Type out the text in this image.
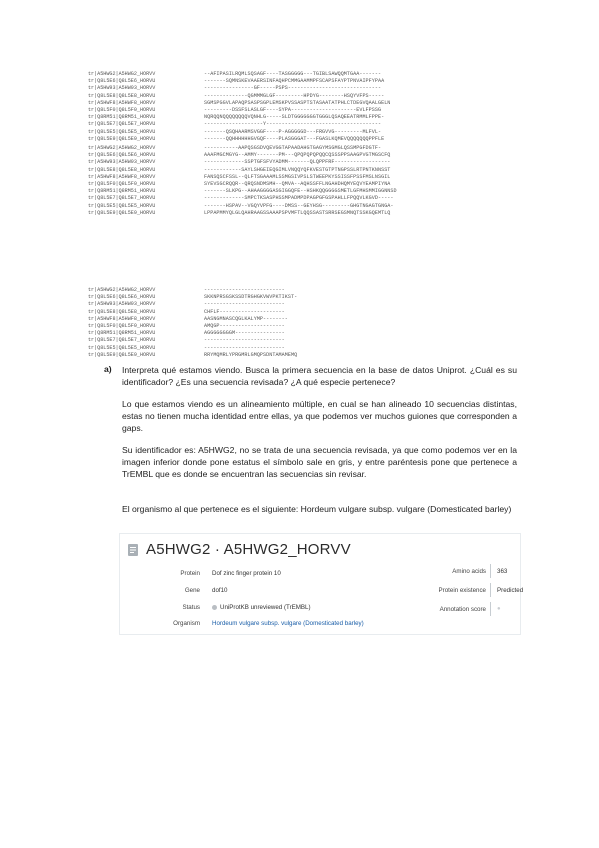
tr|A5HWG2|A5HWG2_HORVV	--AFIPASILRQMLSQSAGF----TASGGGGG---TGIBLSAWQQMTGAA-------
tr|Q8L5E6|Q8L5E6_HORVU	-------SQMNSKEVAAERSINFAQHPCMMGAAMMPFSCAPSFAYPTPNVAIPFYPAA
tr|A5HW93|A5HW93_HORVV	----------------GF-----PSPS------------------------------
tr|Q8L5E8|Q8L5E8_HORVU	--------------QGMMMGLGF---------HPDYG--------HSQYVFPS-----
tr|A5HWF8|A5HWF8_HORVV	SGMSPGGVLAPAQPSASPSGPLEMSKPVSSASPTSTASAATATPHLCTDEGVQAALGELN
tr|Q8L5F0|Q8L5F0_HORVU	---------DSSFSLASLGF----SYPA---------------------EVLFPSSG
tr|Q8RM51|Q8RM51_HORVU	NQRQQNQQQQQQQQVQNHLG-----SLDTGGGGGGGTGGGLQSAQEEATRMMLFPPE-
tr|Q8L5E7|Q8L5E7_HORVU	-------------------Y-------------------------------------
tr|Q8L5E5|Q8L5E5_HORVU	-------QSQHAARMSVGGF----P-AGGGGGD---FRGVVG---------MLFVL-
tr|Q8L5E9|Q8L5E9_HORVU	-------QQHHHHHHGVGQF----PLASGGGAT---FGASLKQMEVQQQQQQQPPFLE
tr|A5HWG2|A5HWG2_HORVV	-----------AAPQSGSDVQEVGGTAPAADAHGTGAGYMSGMGLQSSMPGFDGTF-
tr|Q8L5E6|Q8L5E6_HORVU	AAAFMGCMGYG--AMMY-------PM---QPQPQPQPQQCQSSSPPSAAGPVGTMGSCFQ
tr|A5HW93|A5HW93_HORVV	-------------SSPTGFSFVYADMM-------QLQPPFRF------------------
tr|Q8L5E8|Q8L5E8_HORVU	------------SAYLSHGEIEQGIMLVNQQYQFKVESTGTPTNGPSSLRTPNTKNNSST
tr|A5HWF8|A5HWF8_HORVV	FANSQSCFSSL--QLFTSGAAAMLSSMGSIVPSLSTWEEPKYSSISSFPSSFMSLNSGIL
tr|Q8L5F0|Q8L5F0_HORVU	SYEVSGCRQQR--QRQSNDMSMH--QMVA--AQHSSFFLNGAHDHQMYEQVYEAMPIYNA
tr|Q8RM51|Q8RM51_HORVU	-------SLKPG--AHAAGGGGASGIGGQFE--HSHKQQGGGGSMETLGFMHSMMIGGNNSD
tr|Q8L5E7|Q8L5E7_HORVU	-------------SMPCTKSASPHSSMPADMPDPAGPGFGSPAHLLFPQQVLKGVD-----
tr|Q8L5E5|Q8L5E5_HORVU	-------HSPAV--VGQYVPFG----DMSS--GEYHSG---------GHGTNGAGTGNGA-
tr|Q8L5E9|Q8L5E9_HORVU	LPPAPMMYQLGLQAHRAAGSSAAAPSPVMFTLQQSSASTSRRSEGSMNQTSSKGQEMTLQ
tr|A5HWG2|A5HWG2_HORVV	--------------------------
tr|Q8L5E6|Q8L5E6_HORVU	SKKNPRSGSKSSDTRGHGKVWVPKTIKST-
tr|A5HW93|A5HW93_HORVV	--------------------------
tr|Q8L5E8|Q8L5E8_HORVU	CHFLF---------------------
tr|A5HWF8|A5HWF8_HORVV	AASNGMNASCQGLKALYMP--------
tr|Q8L5F0|Q8L5F0_HORVU	AMQGP---------------------
tr|Q8RM51|Q8RM51_HORVU	AGGGGGGGGM----------------
tr|Q8L5E7|Q8L5E7_HORVU	--------------------------
tr|Q8L5E5|Q8L5E5_HORVU	--------------------------
tr|Q8L5E9|Q8L5E9_HORVU	RRYMQMRLYPRGMRLGMQPSDNTAMAMEMQ
a) Interpreta qué estamos viendo. Busca la primera secuencia en la base de datos Uniprot. ¿Cuál es su identificador? ¿Es una secuencia revisada? ¿A qué especie pertenece?

Lo que estamos viendo es un alineamiento múltiple, en cual se han alineado 10 secuencias distintas, estas no tienen mucha identidad entre ellas, ya que podemos ver muchos guiones que corresponden a gaps.

Su identificador es: A5HWG2, no se trata de una secuencia revisada, ya que como podemos ver en la imagen inferior donde pone estatus el símbolo sale en gris, y entre paréntesis pone que pertenece a TrEMBL que es donde se encuentran las secuencias sin revisar.

El organismo al que pertenece es el siguiente: Hordeum vulgare subsp. vulgare (Domesticated barley)

A5HWG2 · A5HWG2_HORVV
Protein Dof zinc finger protein 10
Gene dof10
Status	UniProtKB unreviewed (TrEMBL)
Organism Hordeum vulgare subsp. vulgare (Domesticated barley)
Amino acids 363
Protein existence Predicted
Annotation score ●
